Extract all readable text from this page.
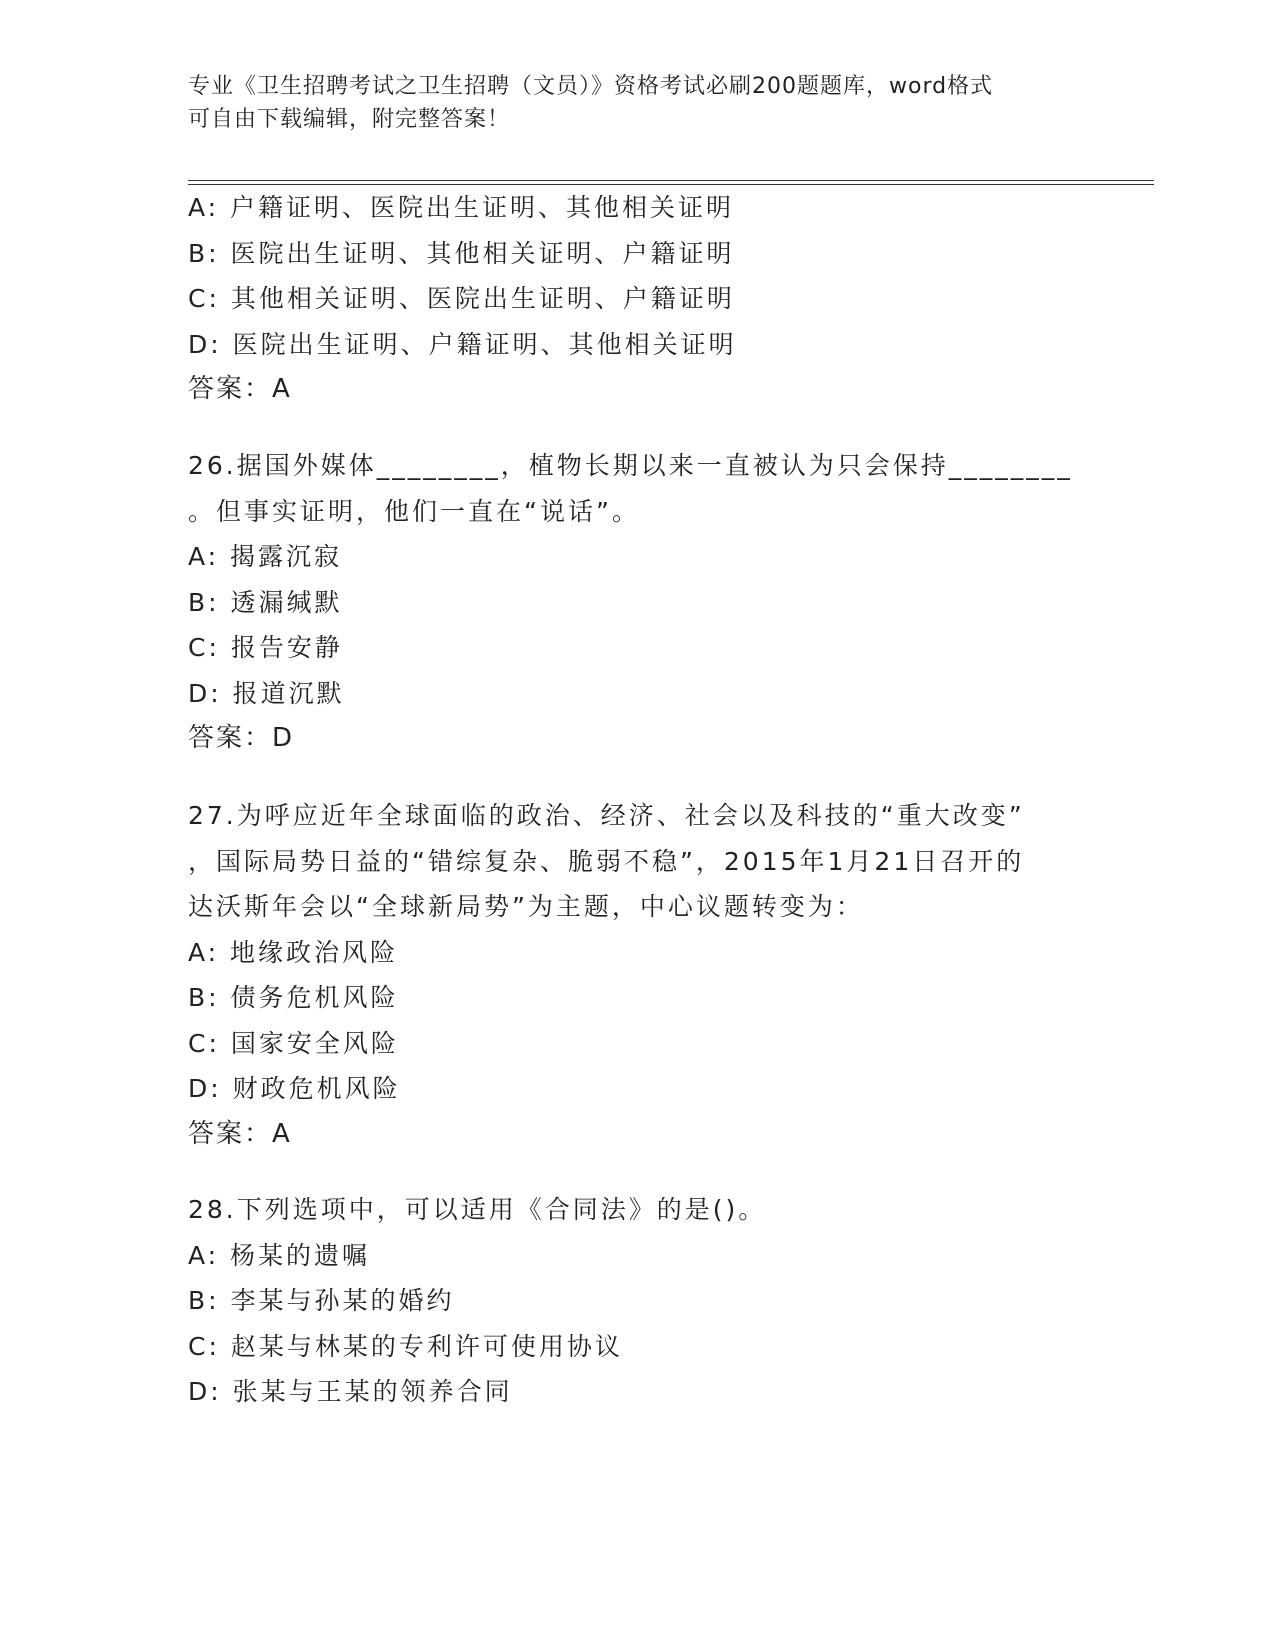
专业《卫生招聘考试之卫生招聘（文员）》资格考试必刷200题题库，word格式
可自由下载编辑，附完整答案！
A: 户籍证明、医院出生证明、其他相关证明
B: 医院出生证明、其他相关证明、户籍证明
C: 其他相关证明、医院出生证明、户籍证明
D: 医院出生证明、户籍证明、其他相关证明
答案：A
26.据国外媒体________，植物长期以来一直被认为只会保持________
。但事实证明，他们一直在“说话”。
A: 揭露沉寂
B: 透漏缄默
C: 报告安静
D: 报道沉默
答案：D
27.为呼应近年全球面临的政治、经济、社会以及科技的“重大改变”
，国际局势日益的“错综复杂、脆弱不稳”，2015年1月21日召开的
达沃斯年会以“全球新局势”为主题，中心议题转变为：
A: 地缘政治风险
B: 债务危机风险
C: 国家安全风险
D: 财政危机风险
答案：A
28.下列选项中，可以适用《合同法》的是()。
A: 杨某的遗嘱
B: 李某与孙某的婚约
C: 赵某与林某的专利许可使用协议
D: 张某与王某的领养合同
